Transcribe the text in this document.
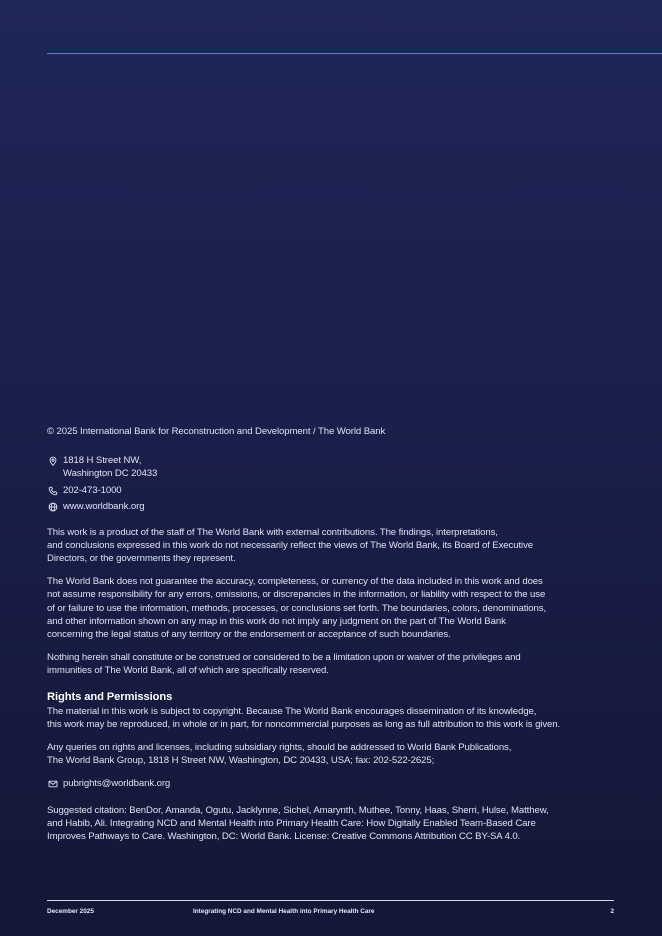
© 2025 International Bank for Reconstruction and Development / The World Bank

1818 H Street NW,
Washington DC 20433
202-473-1000
www.worldbank.org

This work is a product of the staff of The World Bank with external contributions. The findings, interpretations,
and conclusions expressed in this work do not necessarily reflect the views of The World Bank, its Board of Executive
Directors, or the governments they represent.

The World Bank does not guarantee the accuracy, completeness, or currency of the data included in this work and does
not assume responsibility for any errors, omissions, or discrepancies in the information, or liability with respect to the use
of or failure to use the information, methods, processes, or conclusions set forth. The boundaries, colors, denominations,
and other information shown on any map in this work do not imply any judgment on the part of The World Bank
concerning the legal status of any territory or the endorsement or acceptance of such boundaries.

Nothing herein shall constitute or be construed or considered to be a limitation upon or waiver of the privileges and
immunities of The World Bank, all of which are specifically reserved.

Rights and Permissions

The material in this work is subject to copyright. Because The World Bank encourages dissemination of its knowledge,
this work may be reproduced, in whole or in part, for noncommercial purposes as long as full attribution to this work is given.

Any queries on rights and licenses, including subsidiary rights, should be addressed to World Bank Publications,
The World Bank Group, 1818 H Street NW, Washington, DC 20433, USA; fax: 202-522-2625;

pubrights@worldbank.org

Suggested citation: BenDor, Amanda, Ogutu, Jacklynne, Sichel, Amarynth, Muthee, Tonny, Haas, Sherri, Hulse, Matthew,
and Habib, Ali. Integrating NCD and Mental Health into Primary Health Care: How Digitally Enabled Team-Based Care
Improves Pathways to Care. Washington, DC: World Bank. License: Creative Commons Attribution CC BY-SA 4.0.

December 2025	Integrating NCD and Mental Health into Primary Health Care	2
